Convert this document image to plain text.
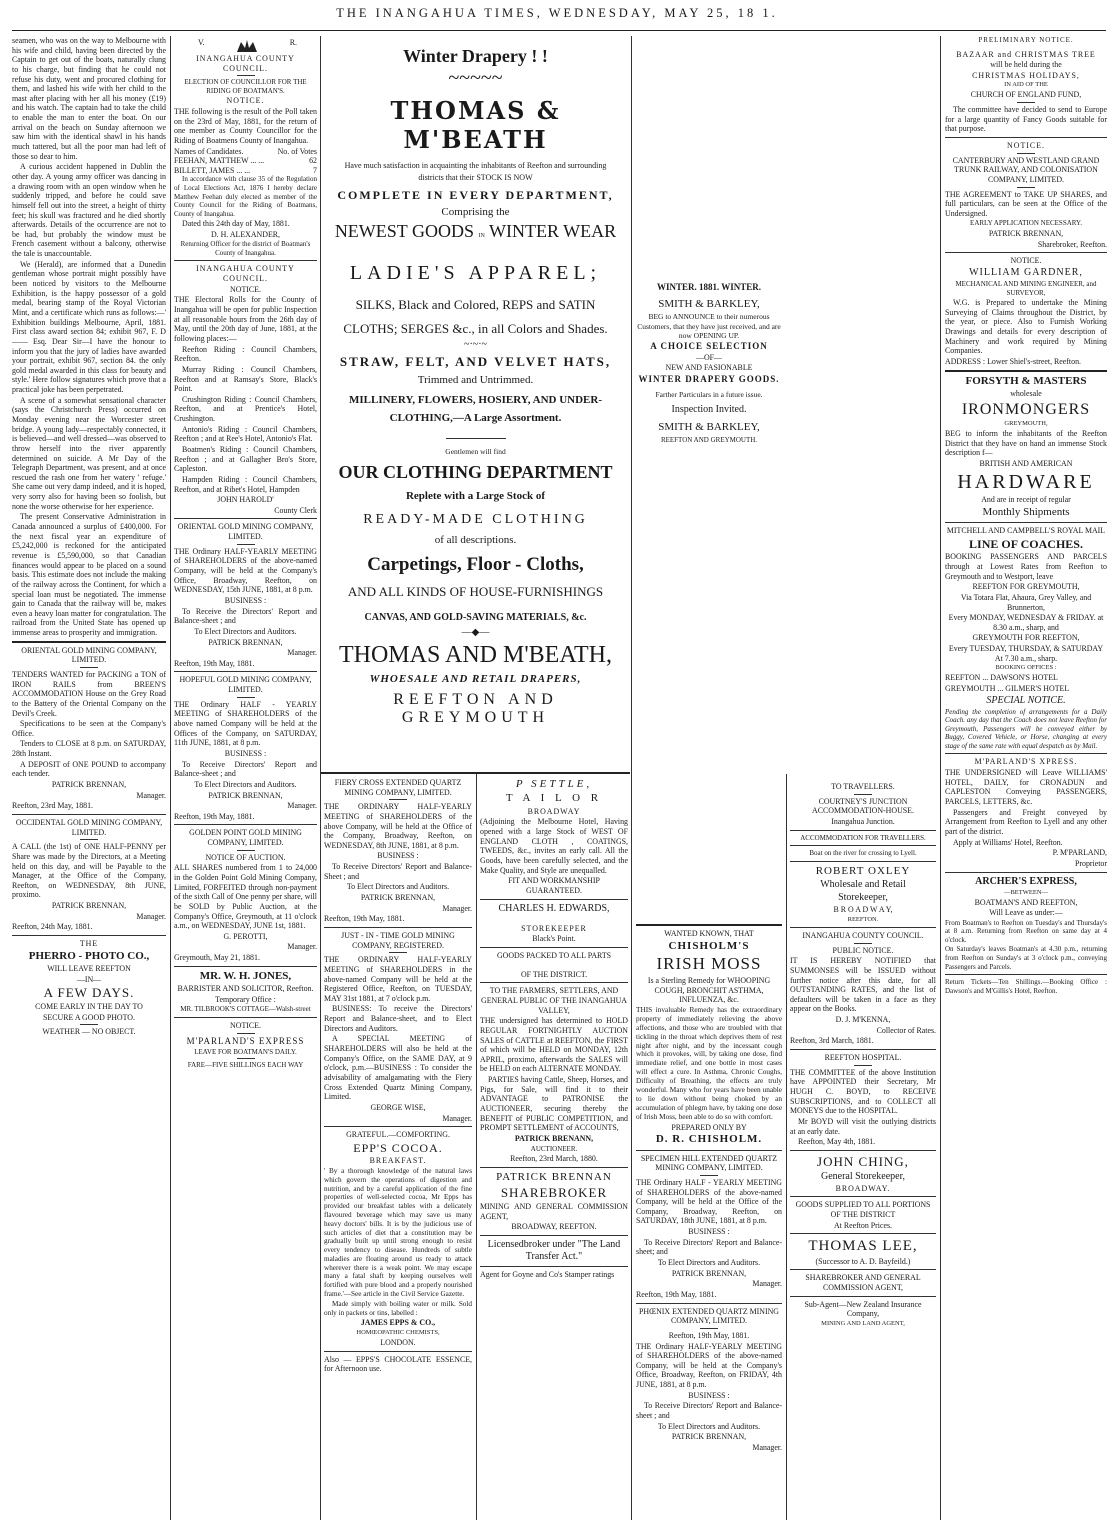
THE INANGAHUA TIMES, WEDNESDAY, MAY 25, 18 1.

seamen, who was on the way to Melbourne with his wife and child, having been directed by the Captain to get out of the boats, naturally clung to his charge, but finding that he could not refuse his duty, went and procured clothing for them, and lashed his wife with her child to the mast after placing with her all his money (£19) and his watch. The captain had to take the child to enable the man to enter the boat. On our arrival on the beach on Sunday afternoon we saw him with the identical shawl in his hands much tattered, but all the poor man had left of those so dear to him.

A curious accident happened in Dublin the other day. A young army officer was dancing in a drawing room with an open window when he suddenly tripped, and before he could save himself fell out into the street, a height of thirty feet; his skull was fractured and he died shortly afterwards. Details of the occurrence are not to be had, but probably the window must be French casement without a balcony, otherwise the tale is unaccountable.

We (Herald), are informed that a Dunedin gentleman whose portrait might possibly have been noticed by visitors to the Melbourne Exhibition, is the happy possessor of a gold medal, bearing stamp of the Royal Victorian Mint, and a certificate which runs as follows:—' Exhibition buildings Melbourne, April, 1881. First class award section 84; exhibit 967, F. D—— Esq. Dear Sir—I have the honour to inform you that the jury of ladies have awarded your portrait, exhibit 967, section 84. the only gold medal awarded in this class for beauty and style.' Here follow signatures which prove that a practical joke has been perpetrated.

A scene of a somewhat sensational character (says the Christchurch Press) occurred on Monday evening near the Worcester street bridge. A young lady—respectably connected, it is believed—and well dressed—was observed to throw herself into the river apparently determined on suicide. A Mr Day of the Telegraph Department, was present, and at once rescued the rash one from her watery ' refuge.' She came out very damp indeed, and it is hoped, very sorry also for having been so foolish, but none the worse otherwise for her experience.

The present Conservative Administration in Canada announced a surplus of £400,000. For the next fiscal year an expenditure of £5,242,000 is reckoned for the anticipated revenue is £5,590,000, so that Canadian finances would appear to be placed on a sound basis. This estimate does not include the making of the railway across the Continent, for which a special loan must be negotiated. The immense gain to Canada that the railway will be, makes even a heavy loan matter for congratulation. The railroad from the United State has opened up immense areas to prosperity and immigration.

ORIENTAL GOLD MINING COMPANY, LIMITED.

TENDERS WANTED for PACKING a TON of IRON RAILS from BREEN'S ACCOMMODATION House on the Grey Road to the Battery of the Oriental Company on the Devil's Creek.

Specifications to be seen at the Company's Office.

Tenders to CLOSE at 8 p.m. on SATURDAY, 28th Instant.

A DEPOSIT of ONE POUND to accompany each tender.

PATRICK BRENNAN,

Manager.

Reefton, 23rd May, 1881.

OCCIDENTAL GOLD MINING COMPANY, LIMITED.

A CALL (the 1st) of ONE HALF-PENNY per Share was made by the Directors, at a Meeting held on this day, and will be Payable to the Manager, at the Office of the Company, Reefton, on WEDNESDAY, 8th JUNE, proximo.

PATRICK BRENNAN,

Manager.

Reefton, 24th May, 1881.

THE

PHERRO - PHOTO CO.,

WILL LEAVE REEFTON

—IN—

A FEW DAYS.

COME EARLY IN THE DAY TO

SECURE A GOOD PHOTO.

WEATHER — NO OBJECT.

V.	R.

INANGAHUA COUNTY COUNCIL.

ELECTION OF COUNCILLOR FOR THE RIDING OF BOATMAN'S.

NOTICE.

THE following is the result of the Poll taken on the 23rd of May, 1881, for the return of one member as County Councillor for the Riding of Boatmens County of Inangahua.

Names of Candidates.	No. of Votes
FEEHAN, MATTHEW ... ...	62
BILLETT, JAMES ... ...	7

In accordance with clause 35 of the Regulation of Local Elections Act, 1876 I hereby declare Matthew Feehan duly elected as member of the County Council for the Riding of Boatmans, County of Inangahua.

Dated this 24th day of May, 1881.

D. H. ALEXANDER,

Returning Officer for the district of Boatman's County of Inangahua.

INANGAHUA COUNTY COUNCIL.

NOTICE.

THE Electoral Rolls for the County of Inangahua will be open for public Inspection at all reasonable hours from the 26th day of May, until the 20th day of June, 1881, at the following places:—

Reefton Riding : Council Chambers, Reefton.

Murray Riding : Council Chambers, Reefton and at Ramsay's Store, Black's Point.

Crushington Riding : Council Chambers, Reefton, and at Prentice's Hotel, Crushington.

Antonio's Riding : Council Chambers, Reefton ; and at Ree's Hotel, Antonio's Flat.

Boatmen's Riding : Council Chambers, Reefton ; and at Gallagher Bro's Store, Capleston.

Hampden Riding : Council Chambers, Reefton, and at Ribet's Hotel, Hampden

JOHN HAROLD'

County Clerk

ORIENTAL GOLD MINING COMPANY, LIMITED.

THE Ordinary HALF-YEARLY MEETING of SHAREHOLDERS of the above-named Company, will be held at the Company's Office, Broadway, Reefton, on WEDNESDAY, 15th JUNE, 1881, at 8 p.m.

BUSINESS :

To Receive the Directors' Report and Balance-sheet ; and

To Elect Directors and Auditors.

PATRICK BRENNAN,

Manager.

Reefton, 19th May, 1881.

HOPEFUL GOLD MINING COMPANY, LIMITED.

THE Ordinary HALF - YEARLY MEETING of SHAREHOLDERS of the above named Company will be held at the Offices of the Company, on SATURDAY, 11th JUNE, 1881, at 8 p.m.

BUSINESS :

To Receive Directors' Report and Balance-sheet ; and

To Elect Directors and Auditors.

PATRICK BRENNAN,

Manager.

Reefton, 19th May, 1881.

GOLDEN POINT GOLD MINING COMPANY, LIMITED.

NOTICE OF AUCTION.

ALL SHARES numbered from 1 to 24,000 in the Golden Point Gold Mining Company, Limited, FORFEITED through non-payment of the sixth Call of One penny per share, will be SOLD by Public Auction, at the Company's Office, Greymouth, at 11 o'clock a.m., on WEDNESDAY, JUNE 1st, 1881.

G. PEROTTI,

Manager.

Greymouth, May 21, 1881.

MR. W. H. JONES,

BARRISTER AND SOLICITOR, Reefton.

Temporary Office :

MR. TILBROOK'S COTTAGE—Walsh-street

NOTICE.

M'PARLAND'S EXPRESS

LEAVE FOR BOATMAN'S DAILY.

FARE—FIVE SHILLINGS EACH WAY

Winter Drapery ! !
~~~~~
THOMAS & M'BEATH
Have much satisfaction in acquainting the inhabitants of Reefton and surrounding districts that their STOCK IS NOW
COMPLETE IN EVERY DEPARTMENT,
Comprising the
NEWEST GOODS IN WINTER WEAR
LADIE'S APPAREL;
SILKS, Black and Colored, REPS and SATIN
CLOTHS; SERGES &c., in all Colors and Shades.
~·~·~
STRAW, FELT, AND VELVET HATS,
Trimmed and Untrimmed.
MILLINERY, FLOWERS, HOSIERY, AND UNDER-
CLOTHING,—A Large Assortment.
Gentlemen will find
OUR CLOTHING DEPARTMENT
Replete with a Large Stock of
READY-MADE CLOTHING
of all descriptions.
Carpetings, Floor - Cloths,
AND ALL KINDS OF HOUSE-FURNISHINGS
CANVAS, AND GOLD-SAVING MATERIALS, &c.
—◆—
THOMAS AND M'BEATH,
WHOESALE AND RETAIL DRAPERS,
REEFTON AND GREYMOUTH

FIERY CROSS EXTENDED QUARTZ MINING COMPANY, LIMITED.

THE ORDINARY HALF-YEARLY MEETING of SHAREHOLDERS of the above Company, will be held at the Office of the Company, Broadway, Reefton, on WEDNESDAY, 8th JUNE, 1881, at 8 p.m.

BUSINESS :

To Receive Directors' Report and Balance-Sheet ; and

To Elect Directors and Auditors.

PATRICK BRENNAN,

Manager.

Reefton, 19th May, 1881.

JUST - IN - TIME GOLD MINING COMPANY, REGISTERED.

THE ORDINARY HALF-YEARLY MEETING of SHAREHOLDERS in the above-named Company will be held at the Registered Office, Reefton, on TUESDAY, MAY 31st 1881, at 7 o'clock p.m.

BUSINESS: To receive the Directors' Report and Balance-sheet, and to Elect Directors and Auditors.

A SPECIAL MEETING of SHAREHOLDERS will also be held at the Company's Office, on the SAME DAY, at 9 o'clock, p.m.—BUSINESS : To consider the advisability of amalgamating with the Fiery Cross Extended Quartz Mining Company, Limited.

GEORGE WISE,

Manager.

GRATEFUL.—COMFORTING.

EPP'S COCOA.

BREAKFAST.

' By a thorough knowledge of the natural laws which govern the operations of digestion and nutrition, and by a careful application of the fine properties of well-selected cocoa, Mr Epps has provided our breakfast tables with a delicately flavoured beverage which may save us many heavy doctors' bills. It is by the judicious use of such articles of diet that a constitution may be gradually built up until strong enough to resist every tendency to disease. Hundreds of subtle maladies are floating around us ready to attack wherever there is a weak point. We may escape many a fatal shaft by keeping ourselves well fortified with pure blood and a properly nourished frame.'—See article in the Civil Service Gazette.

Made simply with boiling water or milk. Sold only in packets or tins, labelled :

JAMES EPPS & CO.,

HOMŒOPATHIC CHEMISTS,

LONDON.

Also — EPPS'S CHOCOLATE ESSENCE, for Afternoon use.

P SETTLE,

T A I L O R

BROADWAY

(Adjoining the Melbourne Hotel, Having opened with a large Stock of WEST OF ENGLAND CLOTH , COATINGS, TWEEDS, &c., invites an early call. All the Goods, have been carefully selected, and the Make Quality, and Style are unequalled.

FIT AND WORKMANSHIP GUARANTEED.

CHARLES H. EDWARDS,

STOREKEEPER

Black's Point.

GOODS PACKED TO ALL PARTS

OF THE DISTRICT.

TO THE FARMERS, SETTLERS, AND GENERAL PUBLIC OF THE INANGAHUA VALLEY,

THE undersigned has determined to HOLD REGULAR FORTNIGHTLY AUCTION SALES of CATTLE at REEFTON, the FIRST of which will be HELD on MONDAY, 12th APRIL, proximo, afterwards the SALES will be HELD on each ALTERNATE MONDAY.

PARTIES having Cattle, Sheep, Horses, and Pigs, for Sale, will find it to their ADVANTAGE to PATRONISE the AUCTIONEER, securing thereby the BENEFIT of PUBLIC COMPETITION, and PROMPT SETTLEMENT of ACCOUNTS,

PATRICK BRENANN,

AUCTIONEER.

Reefton, 23rd March, 1880.

PATRICK BRENNAN

SHAREBROKER

MINING AND GENERAL COMMISSION AGENT,

BROADWAY, REEFTON.

Licensedbroker under "The Land Transfer Act."

Agent for Goyne and Co's Stamper ratings

WINTER. 1881. WINTER.

SMITH & BARKLEY,

BEG to ANNOUNCE to their numerous Customers, that they have just received, and are now OPENING UP.

A CHOICE SELECTION

—OF—

NEW AND FASIONABLE

WINTER DRAPERY GOODS.

Farther Particulars in a future issue.

Inspection Invited.

SMITH & BARKLEY,

REEFTON AND GREYMOUTH.

WANTED KNOWN, THAT

CHISHOLM'S

IRISH MOSS

Is a Sterling Remedy for WHOOPING COUGH, BRONCHIT ASTHMA, INFLUENZA, &c.

THIS invaluable Remedy has the extraordinary property of immediately relieving the above affections, and those who are troubled with that tickling in the throat which deprives them of rest night after night, and by the incessant cough which it provokes, will, by taking one dose, find immediate relief, and one bottle in most cases will effect a cure. In Asthma, Chronic Coughs, Difficulty of Breathing, the effects are truly wonderful. Many who for years have been unable to lie down without being choked by an accumulation of phlegm have, by taking one dose of Irish Moss, been able to do so with comfort.

PREPARED ONLY BY

D. R. CHISHOLM.

SPECIMEN HILL EXTENDED QUARTZ MINING COMPANY, LIMITED.

THE Ordinary HALF - YEARLY MEETING of SHAREHOLDERS of the above-named Company, will be held at the Office of the Company, Broadway, Reefton, on SATURDAY, 18th JUNE, 1881, at 8 p.m.

BUSINESS :

To Receive Directors' Report and Balance-sheet; and

To Elect Directors and Auditors.

PATRICK BRENNAN,

Manager.

Reefton, 19th May, 1881.

PHŒNIX EXTENDED QUARTZ MINING COMPANY, LIMITED.

Reefton, 19th May, 1881.

THE Ordinary HALF-YEARLY MEETING of SHAREHOLDERS of the above-named Company, will be held at the Company's Office, Broadway, Reefton, on FRIDAY, 4th JUNE, 1881, at 8 p.m.

BUSINESS :

To Receive Directors' Report and Balance-sheet ; and

To Elect Directors and Auditors.

PATRICK BRENNAN,

Manager.

TO TRAVELLERS.

COURTNEY'S JUNCTION ACCOMMODATION-HOUSE.

Inangahua Junction.

ACCOMMODATION FOR TRAVELLERS.

Boat on the river for crossing to Lyell.

ROBERT OXLEY

Wholesale and Retail

Storekeeper,

B R O A D W A Y,

REEFTON.

INANGAHUA COUNTY COUNCIL.

PUBLIC NOTICE.

IT IS HEREBY NOTIFIED that SUMMONSES will be ISSUED without further notice after this date, for all OUTSTANDING RATES, and the list of defaulters will be taken in a face as they appear on the Books.

D. J. M'KENNA,

Collector of Rates.

Reefton, 3rd March, 1881.

REEFTON HOSPITAL.

THE COMMITTEE of the above Institution have APPOINTED their Secretary, Mr HUGH C. BOYD, to RECEIVE SUBSCRIPTIONS, and to COLLECT all MONEYS due to the HOSPITAL.

Mr BOYD will visit the outlying districts at an early date.

Reefton, May 4th, 1881.

JOHN CHING,

General Storekeeper,

BROADWAY.

GOODS SUPPLIED TO ALL PORTIONS OF THE DISTRICT

At Reefton Prices.

THOMAS LEE,

(Successor to A. D. Bayfeild.)

SHAREBROKER AND GENERAL COMMISSION AGENT,

Sub-Agent—New Zealand Insurance Company,

MINING AND LAND AGENT,

PRELIMINARY NOTICE.

BAZAAR and CHRISTMAS TREE

will be held during the

CHRISTMAS HOLIDAYS,

IN AID OF THE

CHURCH OF ENGLAND FUND,

The committee have decided to send to Europe for a large quantity of Fancy Goods suitable for that purpose.

NOTICE.

CANTERBURY AND WESTLAND GRAND TRUNK RAILWAY, AND COLONISATION COMPANY, LIMITED.

THE AGREEMENT to TAKE UP SHARES, and full particulars, can be seen at the Office of the Undersigned.

EARLY APPLICATION NECESSARY.

PATRICK BRENNAN,

Sharebroker, Reefton.

NOTICE.

WILLIAM GARDNER,

MECHANICAL AND MINING ENGINEER, and SURVEYOR,

W.G. is Prepared to undertake the Mining Surveying of Claims throughout the District, by the year, or piece. Also to Furnish Working Drawings and details for every description of Machinery and work required by Mining Companies.

ADDRESS : Lower Shiel's-street, Reefton.

FORSYTH & MASTERS

wholesale

IRONMONGERS

GREYMOUTH,

BEG to inform the inhabitants of the Reefton District that they have on hand an immense Stock description f—

BRITISH AND AMERICAN

HARDWARE

And are in receipt of regular

Monthly Shipments

MITCHELL AND CAMPBELL'S ROYAL MAIL

LINE OF COACHES.

BOOKING PASSENGERS AND PARCELS through at Lowest Rates from Reefton to Greymouth and to Westport, leave

REEFTON FOR GREYMOUTH,

Via Totara Flat, Ahaura, Grey Valley, and Brunnerton,

Every MONDAY, WEDNESDAY & FRIDAY. at 8.30 a.m., sharp, and

GREYMOUTH FOR REEFTON,

Every TUESDAY, THURSDAY, & SATURDAY At 7.30 a.m., sharp.

BOOKING OFFICES :

REEFTON ... DAWSON'S HOTEL

GREYMOUTH ... GILMER'S HOTEL

SPECIAL NOTICE.

Pending the completion of arrangements for a Daily Coach. any day that the Coach does not leave Reefton for Greymouth, Passengers will be conveyed either by Buggy, Covered Vehicle, or Horse, changing at every stage of the same rate with equal despatch as by Mail.

M'PARLAND'S XPRESS.

THE UNDERSIGNED will Leave WILLIAMS' HOTEL, DAILY, for CRONADUN and CAPLESTON Conveying PASSENGERS, PARCELS, LETTERS, &c.

Passengers and Freight conveyed by Arrangement from Reefton to Lyell and any other part of the district.

Apply at Williams' Hotel, Reefton.

P. M'PARLAND,

Proprietor

ARCHER'S EXPRESS,

—BETWEEN—

BOATMAN'S AND REEFTON,

Will Leave as under:—

From Boatman's to Reefton on Tuesday's and Thursday's at 8 a.m. Returning from Reefton on same day at 4 o'clock.

On Saturday's leaves Boatman's at 4.30 p.m., returning from Reefton on Sunday's at 3 o'clock p.m., conveying Passengers and Parcels.

Return Tickets—Ten Shillings.—Booking Office : Dawson's and M'Gillis's Hotel, Reefton.
